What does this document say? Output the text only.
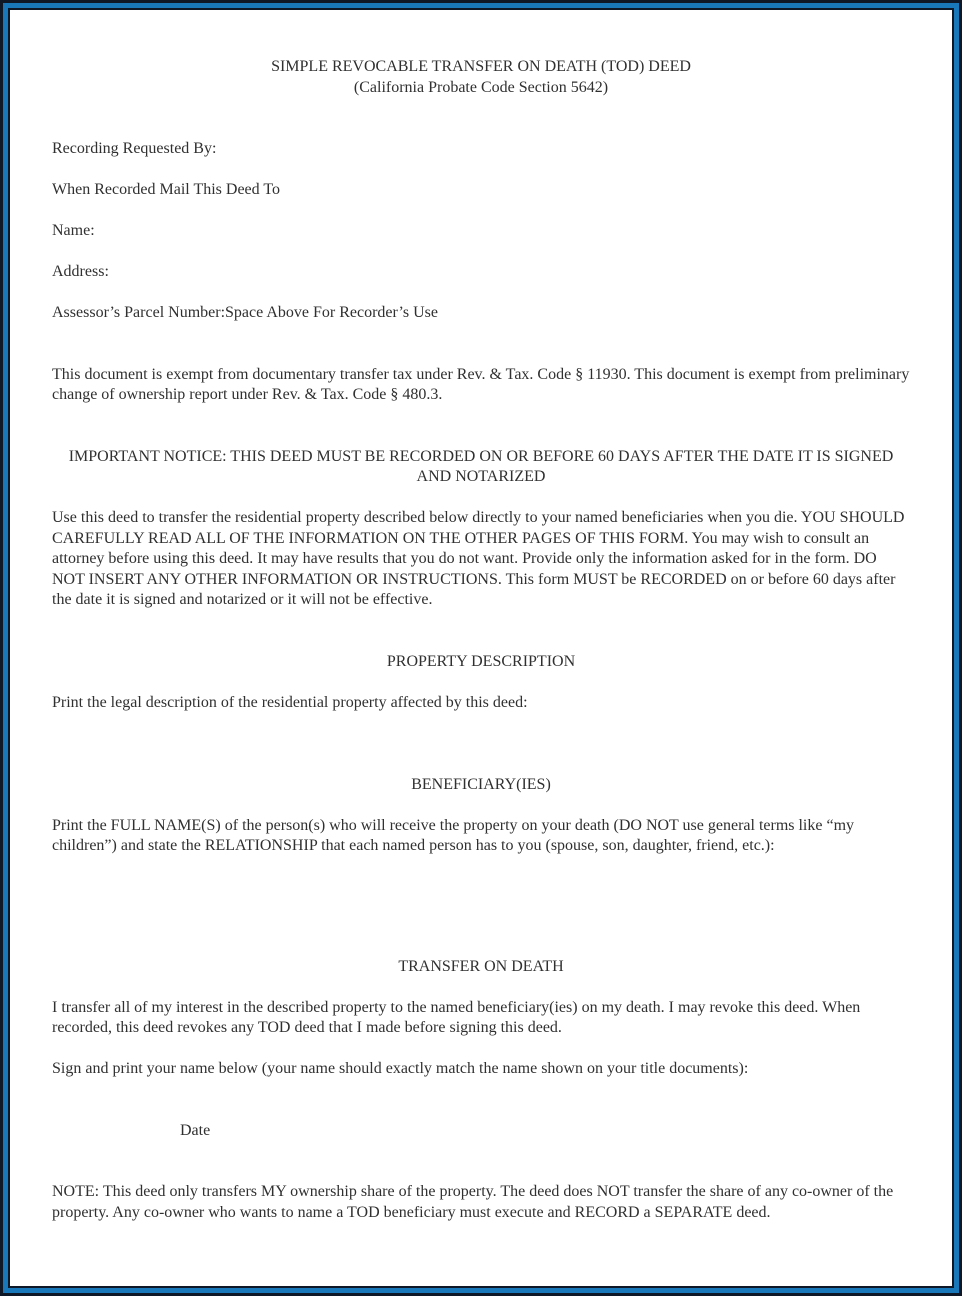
SIMPLE REVOCABLE TRANSFER ON DEATH (TOD) DEED

(California Probate Code Section 5642)

Recording Requested By:

When Recorded Mail This Deed To

Name:

Address:

Assessor’s Parcel Number:Space Above For Recorder’s Use

This document is exempt from documentary transfer tax under Rev. & Tax. Code § 11930. This document is exempt from preliminary change of ownership report under Rev. & Tax. Code § 480.3.

IMPORTANT NOTICE: THIS DEED MUST BE RECORDED ON OR BEFORE 60 DAYS AFTER THE DATE IT IS SIGNED AND NOTARIZED

Use this deed to transfer the residential property described below directly to your named beneficiaries when you die. YOU SHOULD CAREFULLY READ ALL OF THE INFORMATION ON THE OTHER PAGES OF THIS FORM. You may wish to consult an attorney before using this deed. It may have results that you do not want. Provide only the information asked for in the form. DO NOT INSERT ANY OTHER INFORMATION OR INSTRUCTIONS. This form MUST be RECORDED on or before 60 days after the date it is signed and notarized or it will not be effective.

PROPERTY DESCRIPTION

Print the legal description of the residential property affected by this deed:

BENEFICIARY(IES)

Print the FULL NAME(S) of the person(s) who will receive the property on your death (DO NOT use general terms like “my children”) and state the RELATIONSHIP that each named person has to you (spouse, son, daughter, friend, etc.):

TRANSFER ON DEATH

I transfer all of my interest in the described property to the named beneficiary(ies) on my death. I may revoke this deed. When recorded, this deed revokes any TOD deed that I made before signing this deed.

Sign and print your name below (your name should exactly match the name shown on your title documents):

Date

NOTE: This deed only transfers MY ownership share of the property. The deed does NOT transfer the share of any co-owner of the property. Any co-owner who wants to name a TOD beneficiary must execute and RECORD a SEPARATE deed.
